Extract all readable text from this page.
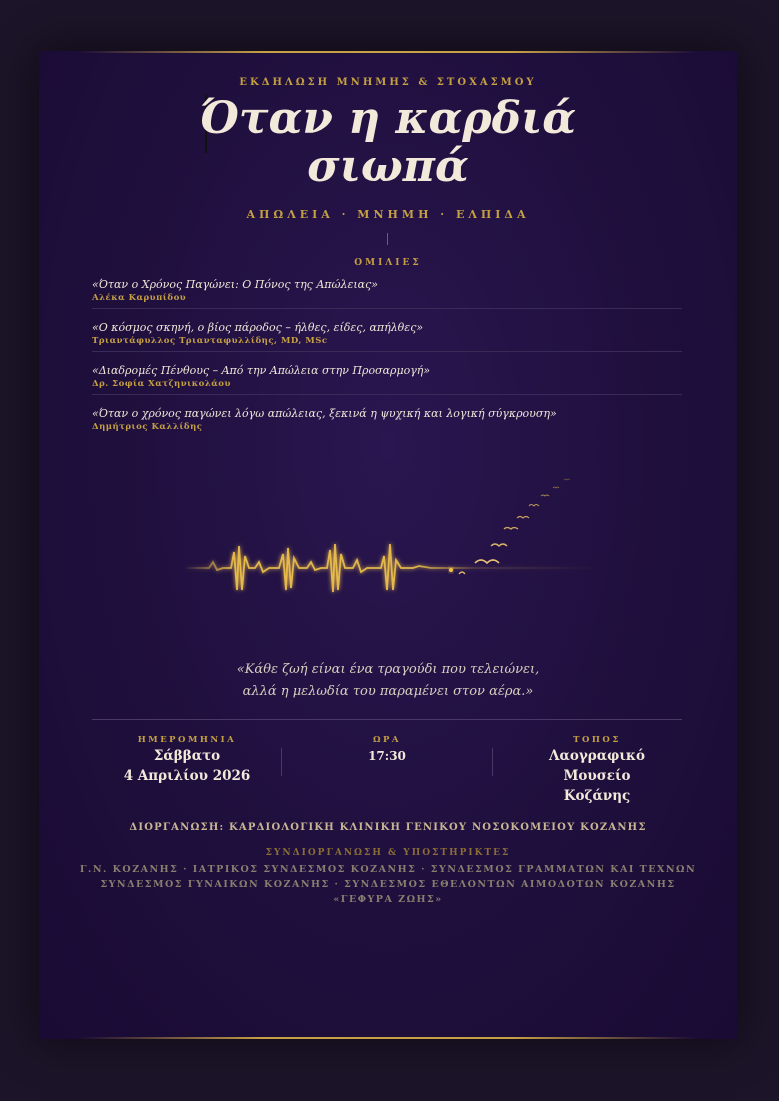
ΕΚΔΗΛΩΣΗ ΜΝΗΜΗΣ & ΣΤΟΧΑΣΜΟΥ
Όταν η καρδιά
σιωπά
ΑΠΩΛΕΙΑ · ΜΝΗΜΗ · ΕΛΠΙΔΑ
ΟΜΙΛΙΕΣ
«Όταν ο Χρόνος Παγώνει: Ο Πόνος της Απώλειας»
Αλέκα Καρυπίδου
«Ο κόσμος σκηνή, ο βίος πάροδος – ήλθες, είδες, απήλθες»
Τριαντάφυλλος Τριανταφυλλίδης, MD, MSc
«Διαδρομές Πένθους – Από την Απώλεια στην Προσαρμογή»
Δρ. Σοφία Χατζηνικολάου
«Όταν ο χρόνος παγώνει λόγω απώλειας, ξεκινά η ψυχική και λογική σύγκρουση»
Δημήτριος Καλλίδης
«Κάθε ζωή είναι ένα τραγούδι που τελειώνει,
αλλά η μελωδία του παραμένει στον αέρα.»
ΗΜΕΡΟΜΗΝΙΑ
Σάββατο
4 Απριλίου 2026
ΩΡΑ
17:30
ΤΟΠΟΣ
Λαογραφικό
Μουσείο
Κοζάνης
ΔΙΟΡΓΑΝΩΣΗ: ΚΑΡΔΙΟΛΟΓΙΚΗ ΚΛΙΝΙΚΗ ΓΕΝΙΚΟΥ ΝΟΣΟΚΟΜΕΙΟΥ ΚΟΖΑΝΗΣ
ΣΥΝΔΙΟΡΓΑΝΩΣΗ & ΥΠΟΣΤΗΡΙΚΤΕΣ
Γ.Ν. ΚΟΖΑΝΗΣ · ΙΑΤΡΙΚΟΣ ΣΥΝΔΕΣΜΟΣ ΚΟΖΑΝΗΣ · ΣΥΝΔΕΣΜΟΣ ΓΡΑΜΜΑΤΩΝ ΚΑΙ ΤΕΧΝΩΝ
ΣΥΝΔΕΣΜΟΣ ΓΥΝΑΙΚΩΝ ΚΟΖΑΝΗΣ · ΣΥΝΔΕΣΜΟΣ ΕΘΕΛΟΝΤΩΝ ΑΙΜΟΔΟΤΩΝ ΚΟΖΑΝΗΣ «ΓΕΦΥΡΑ ΖΩΗΣ»
